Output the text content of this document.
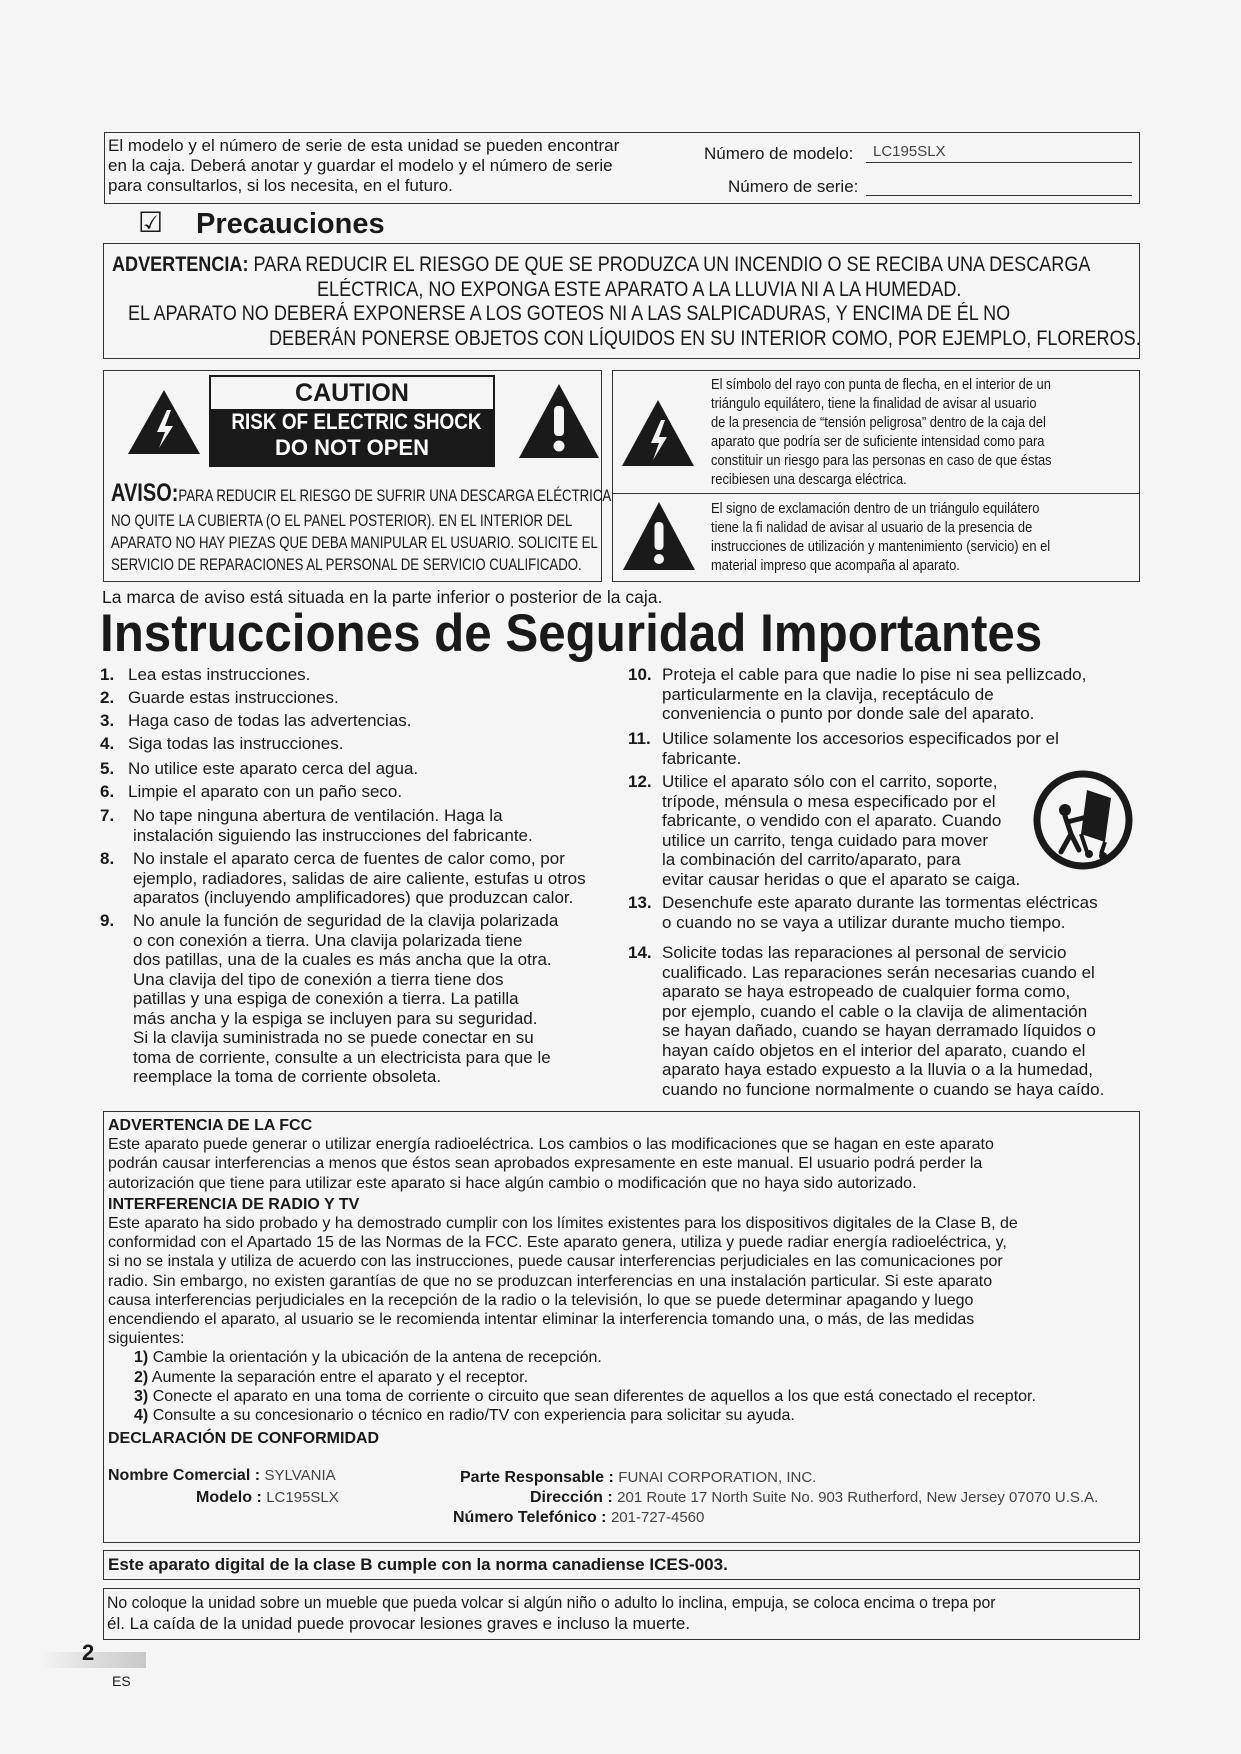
El modelo y el número de serie de esta unidad se pueden encontrar
en la caja. Deberá anotar y guardar el modelo y el número de serie
para consultarlos, si los necesita, en el futuro.
Número de modelo: LC195SLX
Número de serie:
☑ Precauciones
ADVERTENCIA: PARA REDUCIR EL RIESGO DE QUE SE PRODUZCA UN INCENDIO O SE RECIBA UNA DESCARGA
ELÉCTRICA, NO EXPONGA ESTE APARATO A LA LLUVIA NI A LA HUMEDAD.
EL APARATO NO DEBERÁ EXPONERSE A LOS GOTEOS NI A LAS SALPICADURAS, Y ENCIMA DE ÉL NO
DEBERÁN PONERSE OBJETOS CON LÍQUIDOS EN SU INTERIOR COMO, POR EJEMPLO, FLOREROS.
CAUTION
RISK OF ELECTRIC SHOCK
DO NOT OPEN
AVISO:PARA REDUCIR EL RIESGO DE SUFRIR UNA DESCARGA ELÉCTRICA
NO QUITE LA CUBIERTA (O EL PANEL POSTERIOR). EN EL INTERIOR DEL
APARATO NO HAY PIEZAS QUE DEBA MANIPULAR EL USUARIO. SOLICITE EL
SERVICIO DE REPARACIONES AL PERSONAL DE SERVICIO CUALIFICADO.
El símbolo del rayo con punta de flecha, en el interior de un
triángulo equilátero, tiene la finalidad de avisar al usuario
de la presencia de “tensión peligrosa” dentro de la caja del
aparato que podría ser de suficiente intensidad como para
constituir un riesgo para las personas en caso de que éstas
recibiesen una descarga eléctrica.
El signo de exclamación dentro de un triángulo equilátero
tiene la fi nalidad de avisar al usuario de la presencia de
instrucciones de utilización y mantenimiento (servicio) en el
material impreso que acompaña al aparato.
La marca de aviso está situada en la parte inferior o posterior de la caja.
Instrucciones de Seguridad Importantes
1. Lea estas instrucciones.
2. Guarde estas instrucciones.
3. Haga caso de todas las advertencias.
4. Siga todas las instrucciones.
5. No utilice este aparato cerca del agua.
6. Limpie el aparato con un paño seco.
7.	No tape ninguna abertura de ventilación. Haga la
instalación siguiendo las instrucciones del fabricante.
8.	No instale el aparato cerca de fuentes de calor como, por
ejemplo, radiadores, salidas de aire caliente, estufas u otros
aparatos (incluyendo amplificadores) que produzcan calor.
9.	No anule la función de seguridad de la clavija polarizada
o con conexión a tierra. Una clavija polarizada tiene
dos patillas, una de la cuales es más ancha que la otra.
Una clavija del tipo de conexión a tierra tiene dos
patillas y una espiga de conexión a tierra. La patilla
más ancha y la espiga se incluyen para su seguridad.
Si la clavija suministrada no se puede conectar en su
toma de corriente, consulte a un electricista para que le
reemplace la toma de corriente obsoleta.
10. Proteja el cable para que nadie lo pise ni sea pellizcado,
particularmente en la clavija, receptáculo de
conveniencia o punto por donde sale del aparato.
11. Utilice solamente los accesorios especificados por el
fabricante.
12. Utilice el aparato sólo con el carrito, soporte,
trípode, ménsula o mesa especificado por el
fabricante, o vendido con el aparato. Cuando
utilice un carrito, tenga cuidado para mover
la combinación del carrito/aparato, para
evitar causar heridas o que el aparato se caiga.
13. Desenchufe este aparato durante las tormentas eléctricas
o cuando no se vaya a utilizar durante mucho tiempo.
14. Solicite todas las reparaciones al personal de servicio
cualificado. Las reparaciones serán necesarias cuando el
aparato se haya estropeado de cualquier forma como,
por ejemplo, cuando el cable o la clavija de alimentación
se hayan dañado, cuando se hayan derramado líquidos o
hayan caído objetos en el interior del aparato, cuando el
aparato haya estado expuesto a la lluvia o a la humedad,
cuando no funcione normalmente o cuando se haya caído.
ADVERTENCIA DE LA FCC
Este aparato puede generar o utilizar energía radioeléctrica. Los cambios o las modificaciones que se hagan en este aparato
podrán causar interferencias a menos que éstos sean aprobados expresamente en este manual. El usuario podrá perder la
autorización que tiene para utilizar este aparato si hace algún cambio o modificación que no haya sido autorizado.
INTERFERENCIA DE RADIO Y TV
Este aparato ha sido probado y ha demostrado cumplir con los límites existentes para los dispositivos digitales de la Clase B, de
conformidad con el Apartado 15 de las Normas de la FCC. Este aparato genera, utiliza y puede radiar energía radioeléctrica, y,
si no se instala y utiliza de acuerdo con las instrucciones, puede causar interferencias perjudiciales en las comunicaciones por
radio. Sin embargo, no existen garantías de que no se produzcan interferencias en una instalación particular. Si este aparato
causa interferencias perjudiciales en la recepción de la radio o la televisión, lo que se puede determinar apagando y luego
encendiendo el aparato, al usuario se le recomienda intentar eliminar la interferencia tomando una, o más, de las medidas
siguientes:
1) Cambie la orientación y la ubicación de la antena de recepción.
2) Aumente la separación entre el aparato y el receptor.
3) Conecte el aparato en una toma de corriente o circuito que sean diferentes de aquellos a los que está conectado el receptor.
4) Consulte a su concesionario o técnico en radio/TV con experiencia para solicitar su ayuda.
DECLARACIÓN DE CONFORMIDAD
Nombre Comercial : SYLVANIA
Modelo : LC195SLX
Parte Responsable : FUNAI CORPORATION, INC.
Dirección : 201 Route 17 North Suite No. 903 Rutherford, New Jersey 07070 U.S.A.
Número Telefónico : 201-727-4560
Este aparato digital de la clase B cumple con la norma canadiense ICES-003.
No coloque la unidad sobre un mueble que pueda volcar si algún niño o adulto lo inclina, empuja, se coloca encima o trepa por
él. La caída de la unidad puede provocar lesiones graves e incluso la muerte.
2
ES
